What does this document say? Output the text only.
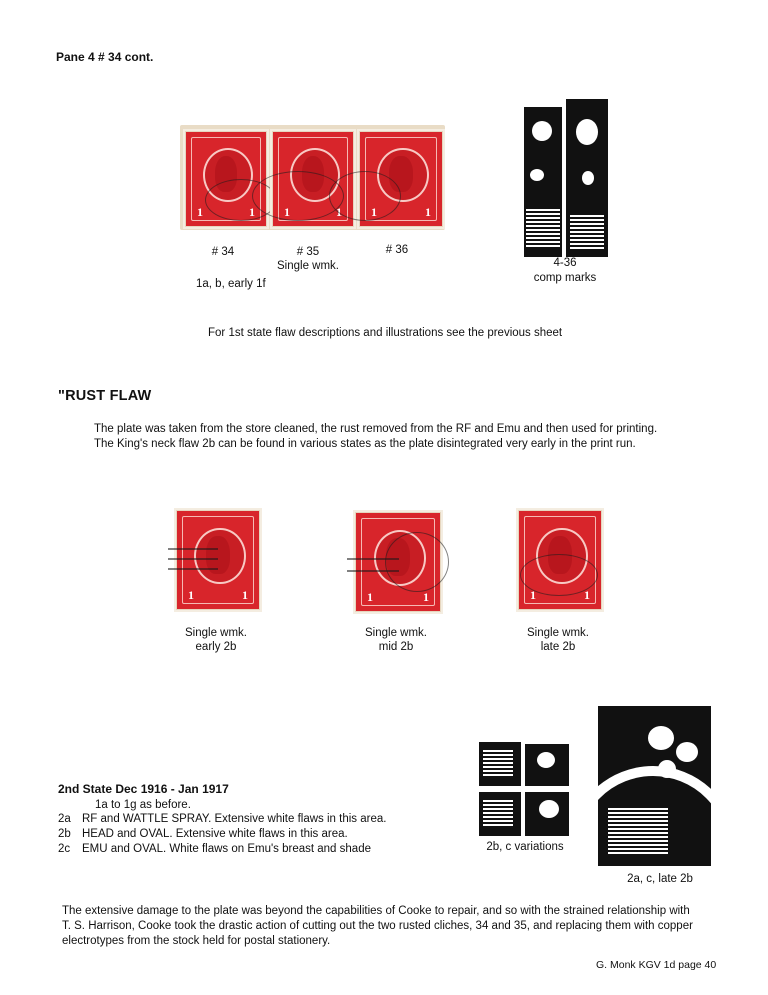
Pane 4 # 34 cont.
1	1	1	1	1	1
# 34	# 35	# 36
Single wmk.
1a, b, early 1f
4-36
comp marks
For 1st state flaw descriptions and illustrations see the previous sheet
"RUST FLAW
The plate was taken from the store cleaned, the rust removed from the RF and Emu and then used for printing.
The King's neck flaw 2b can be found in various states as the plate disintegrated very early in the print run.
1	1	1	1	1	1
Single wmk.
early 2b
Single wmk.
mid 2b
Single wmk.
late 2b
2b, c variations
2a, c, late 2b
2nd State Dec 1916 - Jan 1917
1a to 1g as before.
2a RF and WATTLE SPRAY. Extensive white flaws in this area.
2b HEAD and OVAL. Extensive white flaws in this area.
2c EMU and OVAL. White flaws on Emu's breast and shade
The extensive damage to the plate was beyond the capabilities of Cooke to repair, and so with the strained relationship with
T. S. Harrison, Cooke took the drastic action of cutting out the two rusted cliches, 34 and 35, and replacing them with copper
electrotypes from the stock held for postal stationery.
G. Monk KGV 1d page 40
